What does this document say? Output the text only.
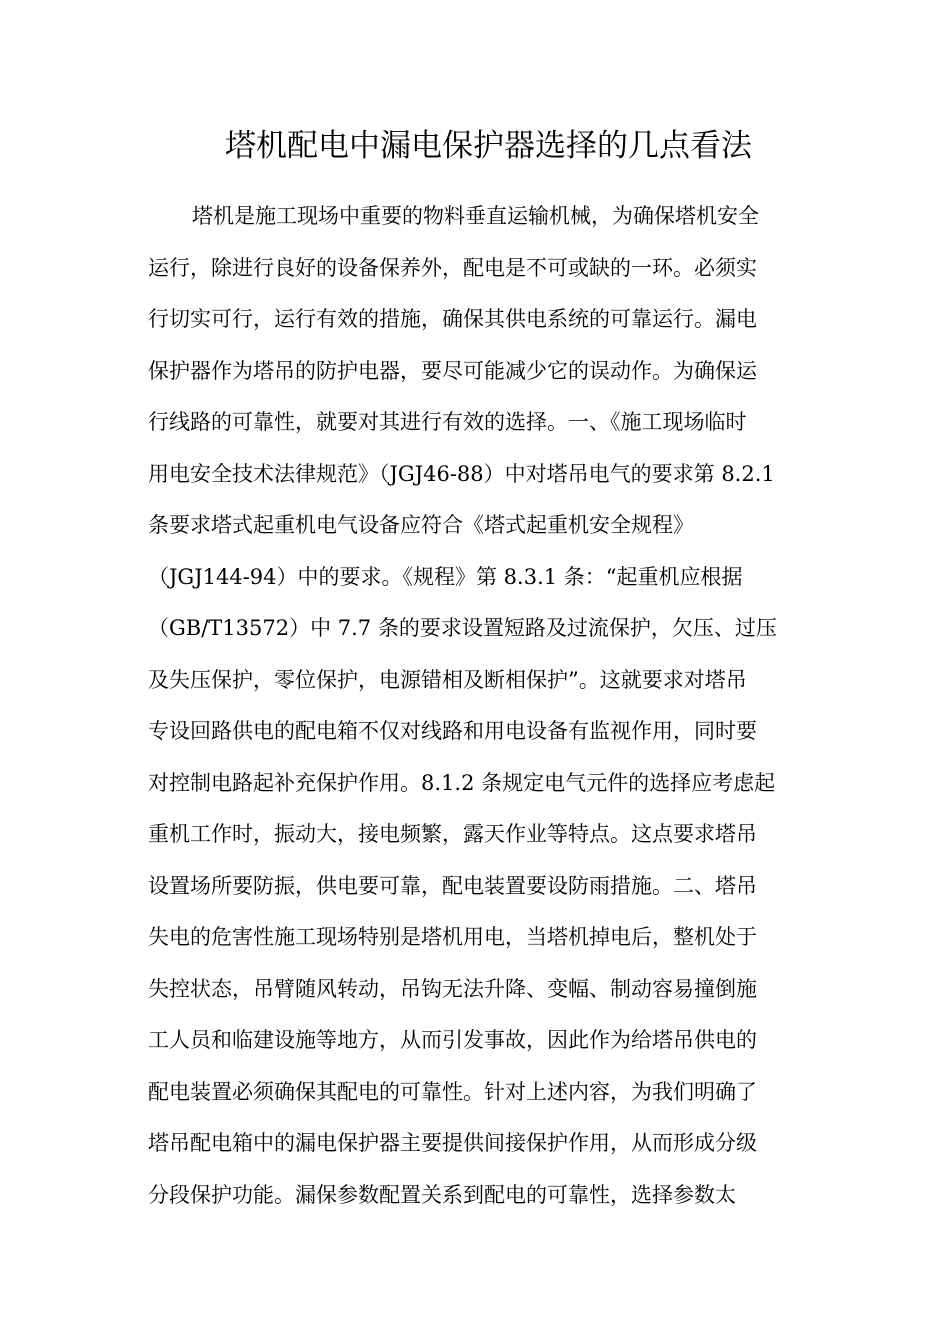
塔机配电中漏电保护器选择的几点看法
塔机是施工现场中重要的物料垂直运输机械，为确保塔机安全
运行，除进行良好的设备保养外，配电是不可或缺的一环。必须实
行切实可行，运行有效的措施，确保其供电系统的可靠运行。漏电
保护器作为塔吊的防护电器，要尽可能减少它的误动作。为确保运
行线路的可靠性，就要对其进行有效的选择。一、《施工现场临时
用电安全技术法律规范》（JGJ46-88）中对塔吊电气的要求第 8.2.1
条要求塔式起重机电气设备应符合《塔式起重机安全规程》
（JGJ144-94）中的要求。《规程》第 8.3.1 条：“起重机应根据
（GB/T13572）中 7.7 条的要求设置短路及过流保护，欠压、过压
及失压保护，零位保护，电源错相及断相保护”。这就要求对塔吊
专设回路供电的配电箱不仅对线路和用电设备有监视作用，同时要
对控制电路起补充保护作用。8.1.2 条规定电气元件的选择应考虑起
重机工作时，振动大，接电频繁，露天作业等特点。这点要求塔吊
设置场所要防振，供电要可靠，配电装置要设防雨措施。二、塔吊
失电的危害性施工现场特别是塔机用电，当塔机掉电后，整机处于
失控状态，吊臂随风转动，吊钩无法升降、变幅、制动容易撞倒施
工人员和临建设施等地方，从而引发事故，因此作为给塔吊供电的
配电装置必须确保其配电的可靠性。针对上述内容，为我们明确了
塔吊配电箱中的漏电保护器主要提供间接保护作用，从而形成分级
分段保护功能。漏保参数配置关系到配电的可靠性，选择参数太
